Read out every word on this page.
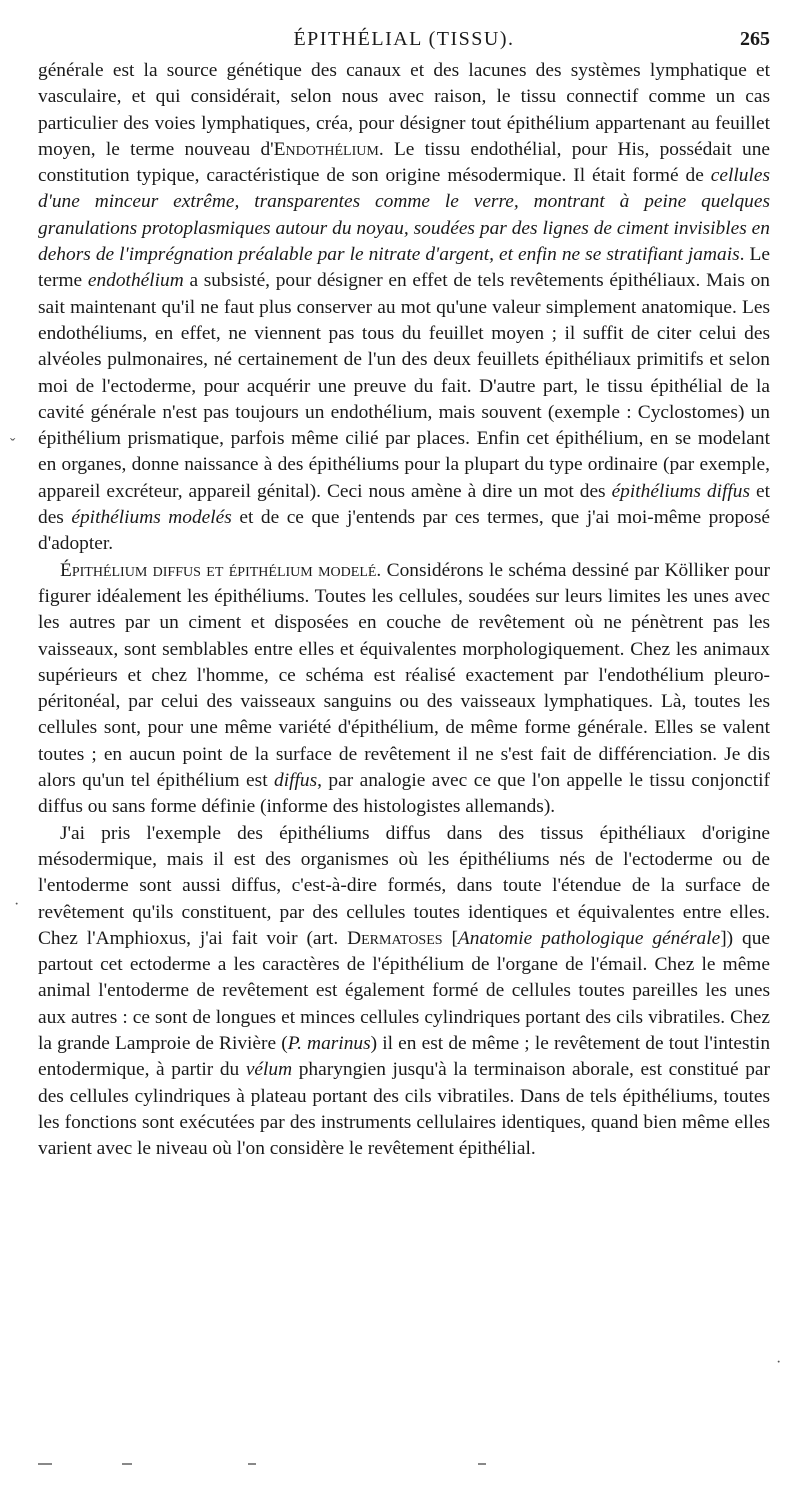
ÉPITHÉLIAL (TISSU).	265

générale est la source génétique des canaux et des lacunes des systèmes lymphatique et vasculaire, et qui considérait, selon nous avec raison, le tissu connectif comme un cas particulier des voies lymphatiques, créa, pour désigner tout épithélium appartenant au feuillet moyen, le terme nouveau d'Endothélium. Le tissu endothélial, pour His, possédait une constitution typique, caractéristique de son origine mésodermique. Il était formé de cellules d'une minceur extrême, transparentes comme le verre, montrant à peine quelques granulations protoplasmiques autour du noyau, soudées par des lignes de ciment invisibles en dehors de l'imprégnation préalable par le nitrate d'argent, et enfin ne se stratifiant jamais. Le terme endothélium a subsisté, pour désigner en effet de tels revêtements épithéliaux. Mais on sait maintenant qu'il ne faut plus conserver au mot qu'une valeur simplement anatomique. Les endothéliums, en effet, ne viennent pas tous du feuillet moyen ; il suffit de citer celui des alvéoles pulmonaires, né certainement de l'un des deux feuillets épithéliaux primitifs et selon moi de l'ectoderme, pour acquérir une preuve du fait. D'autre part, le tissu épithélial de la cavité générale n'est pas toujours un endothélium, mais souvent (exemple : Cyclostomes) un épithélium prismatique, parfois même cilié par places. Enfin cet épithélium, en se modelant en organes, donne naissance à des épithéliums pour la plupart du type ordinaire (par exemple, appareil excréteur, appareil génital). Ceci nous amène à dire un mot des épithéliums diffus et des épithéliums modelés et de ce que j'entends par ces termes, que j'ai moi-même proposé d'adopter.

Épithélium diffus et épithélium modelé. Considérons le schéma dessiné par Kölliker pour figurer idéalement les épithéliums. Toutes les cellules, soudées sur leurs limites les unes avec les autres par un ciment et disposées en couche de revêtement où ne pénètrent pas les vaisseaux, sont semblables entre elles et équivalentes morphologiquement. Chez les animaux supérieurs et chez l'homme, ce schéma est réalisé exactement par l'endothélium pleuro-péritonéal, par celui des vaisseaux sanguins ou des vaisseaux lymphatiques. Là, toutes les cellules sont, pour une même variété d'épithélium, de même forme générale. Elles se valent toutes ; en aucun point de la surface de revêtement il ne s'est fait de différenciation. Je dis alors qu'un tel épithélium est diffus, par analogie avec ce que l'on appelle le tissu conjonctif diffus ou sans forme définie (informe des histologistes allemands).

J'ai pris l'exemple des épithéliums diffus dans des tissus épithéliaux d'origine mésodermique, mais il est des organismes où les épithéliums nés de l'ectoderme ou de l'entoderme sont aussi diffus, c'est-à-dire formés, dans toute l'étendue de la surface de revêtement qu'ils constituent, par des cellules toutes identiques et équivalentes entre elles. Chez l'Amphioxus, j'ai fait voir (art. Dermatoses [Anatomie pathologique générale]) que partout cet ectoderme a les caractères de l'épithélium de l'organe de l'émail. Chez le même animal l'entoderme de revêtement est également formé de cellules toutes pareilles les unes aux autres : ce sont de longues et minces cellules cylindriques portant des cils vibratiles. Chez la grande Lamproie de Rivière (P. marinus) il en est de même ; le revêtement de tout l'intestin entodermique, à partir du vélum pharyngien jusqu'à la terminaison aborale, est constitué par des cellules cylindriques à plateau portant des cils vibratiles. Dans de tels épithéliums, toutes les fonctions sont exécutées par des instruments cellulaires identiques, quand bien même elles varient avec le niveau où l'on considère le revêtement épithélial.

ˇ
·
·
